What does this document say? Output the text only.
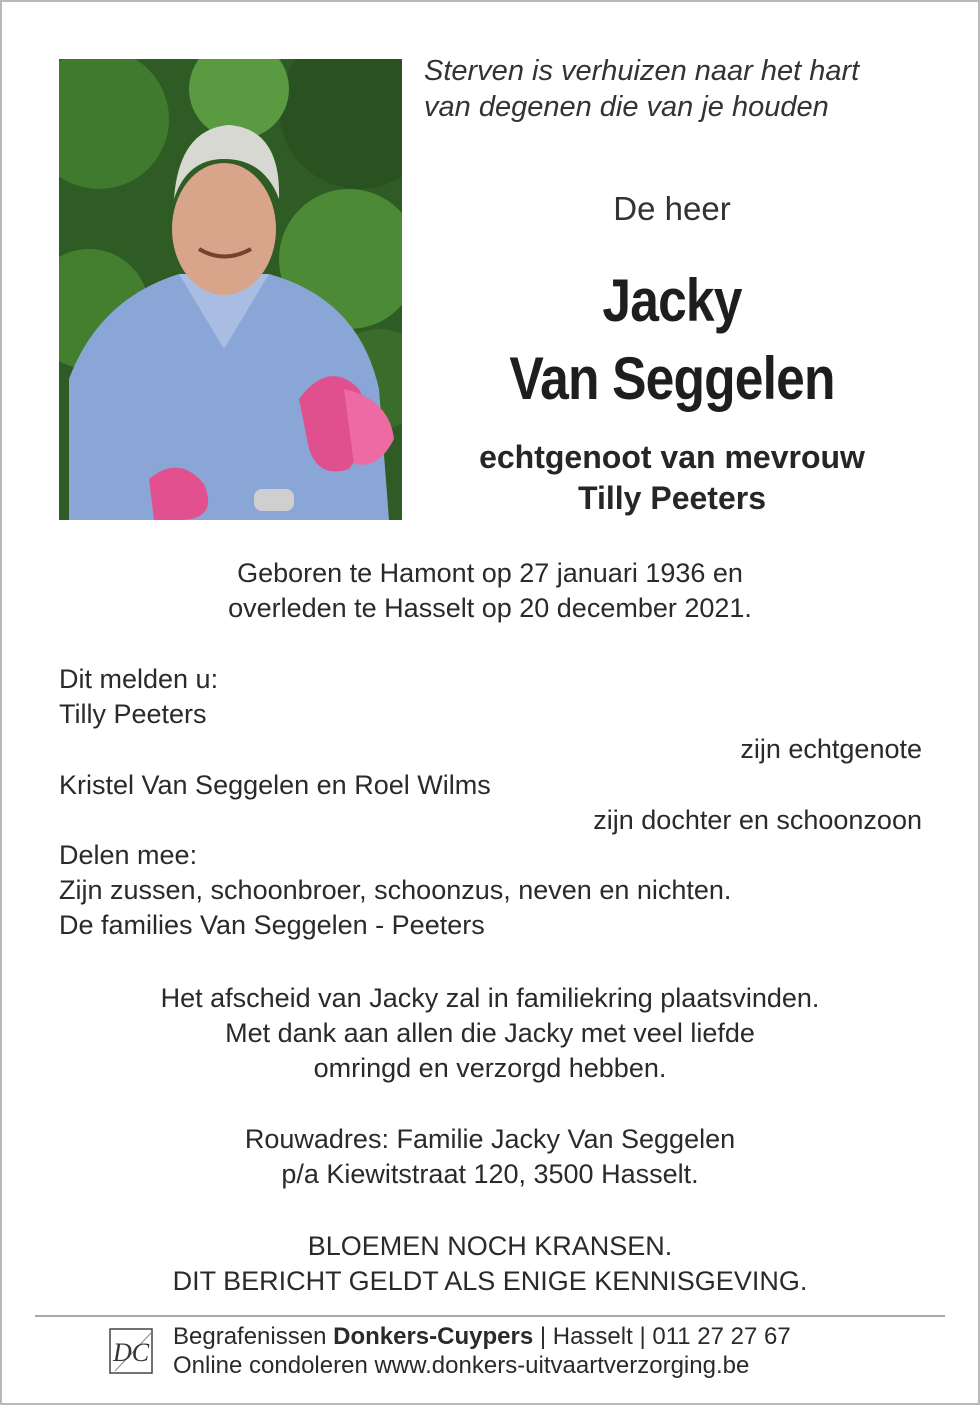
Sterven is verhuizen naar het hart
van degenen die van je houden
De heer
Jacky
Van Seggelen
echtgenoot van mevrouw
Tilly Peeters
Geboren te Hamont op 27 januari 1936 en
overleden te Hasselt op 20 december 2021.
Dit melden u:
Tilly Peeters
zijn echtgenote
Kristel Van Seggelen en Roel Wilms
zijn dochter en schoonzoon
Delen mee:
Zijn zussen, schoonbroer, schoonzus, neven en nichten.
De families Van Seggelen - Peeters
Het afscheid van Jacky zal in familiekring plaatsvinden.
Met dank aan allen die Jacky met veel liefde
omringd en verzorgd hebben.
Rouwadres: Familie Jacky Van Seggelen
p/a Kiewitstraat 120, 3500 Hasselt.
BLOEMEN NOCH KRANSEN.
DIT BERICHT GELDT ALS ENIGE KENNISGEVING.
DC
Begrafenissen Donkers-Cuypers | Hasselt | 011 27 27 67
Online condoleren www.donkers-uitvaartverzorging.be
